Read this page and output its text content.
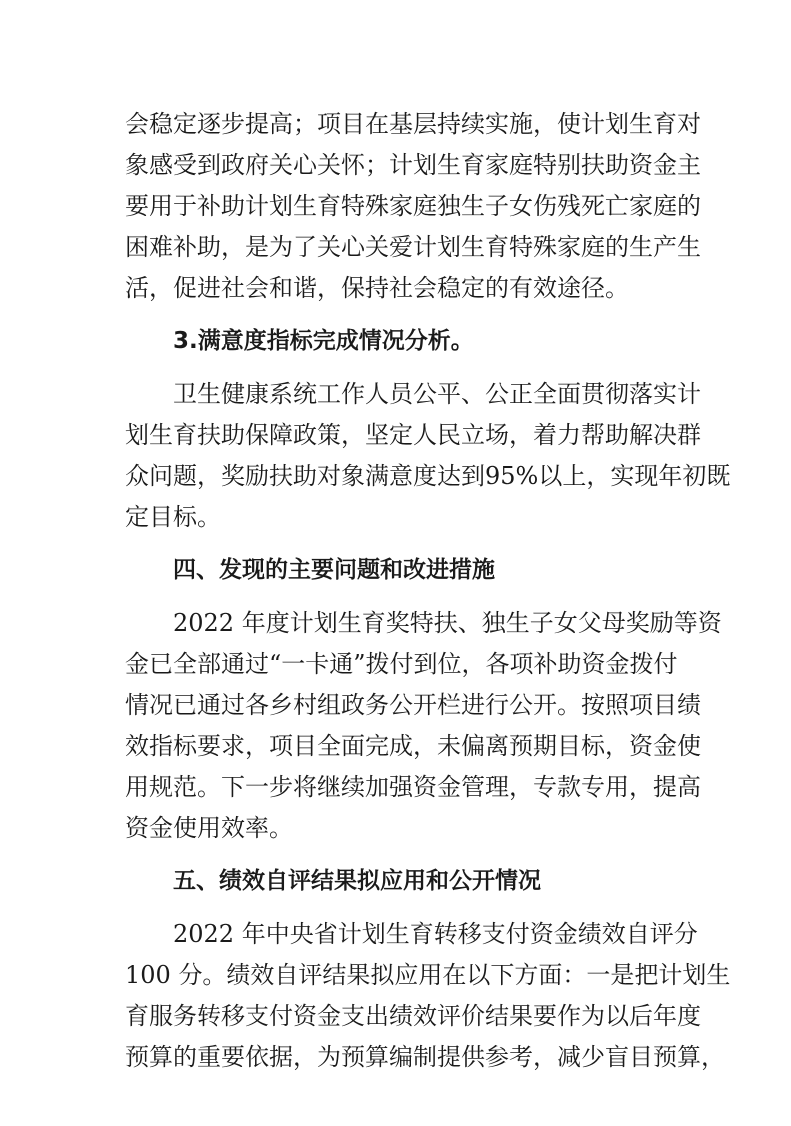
会稳定逐步提高；项目在基层持续实施，使计划生育对
象感受到政府关心关怀；计划生育家庭特别扶助资金主
要用于补助计划生育特殊家庭独生子女伤残死亡家庭的
困难补助，是为了关心关爱计划生育特殊家庭的生产生
活，促进社会和谐，保持社会稳定的有效途径。
3.满意度指标完成情况分析。
卫生健康系统工作人员公平、公正全面贯彻落实计
划生育扶助保障政策，坚定人民立场，着力帮助解决群
众问题，奖励扶助对象满意度达到95%以上，实现年初既
定目标。
四、发现的主要问题和改进措施
2022 年度计划生育奖特扶、独生子女父母奖励等资
金已全部通过“一卡通”拨付到位，各项补助资金拨付
情况已通过各乡村组政务公开栏进行公开。按照项目绩
效指标要求，项目全面完成，未偏离预期目标，资金使
用规范。下一步将继续加强资金管理，专款专用，提高
资金使用效率。
五、绩效自评结果拟应用和公开情况
2022 年中央省计划生育转移支付资金绩效自评分
100 分。绩效自评结果拟应用在以下方面：一是把计划生
育服务转移支付资金支出绩效评价结果要作为以后年度
预算的重要依据，为预算编制提供参考，减少盲目预算，
